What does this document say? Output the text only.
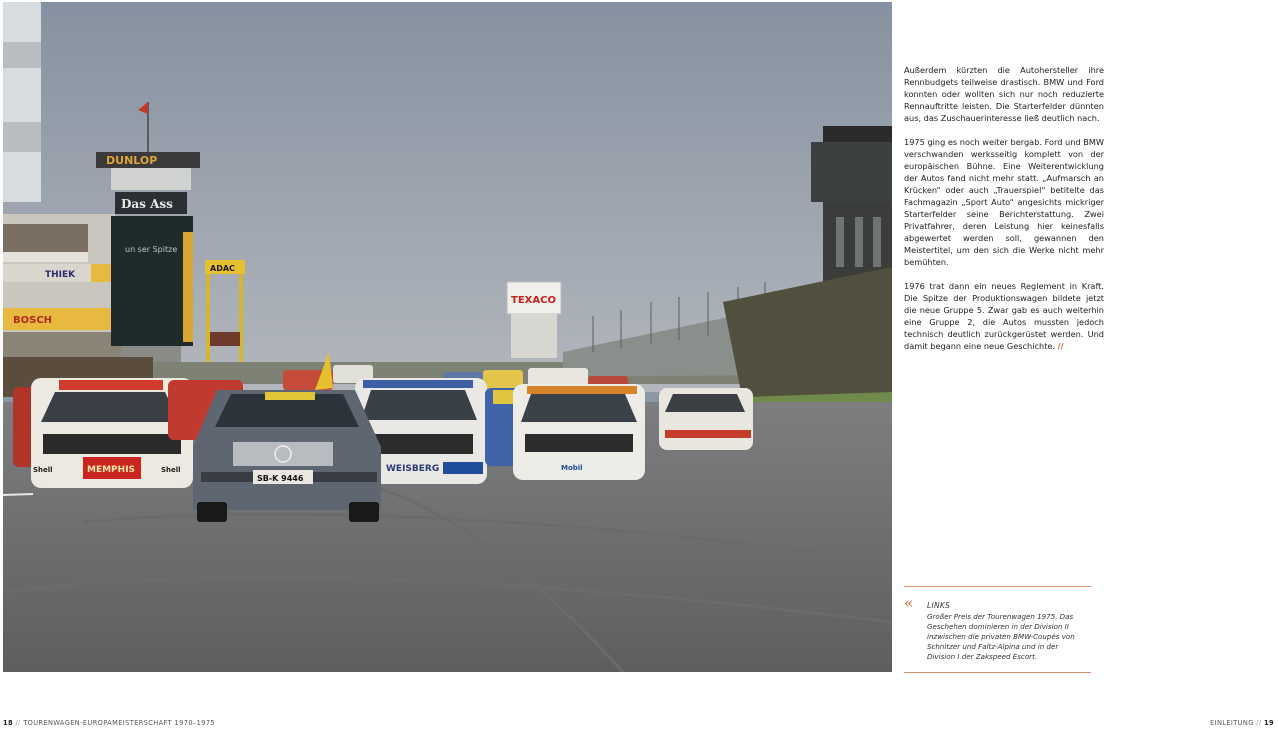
THIEK
BOSCH
DUNLOP
Das Ass
un ser Spitze
ADAC
TEXACO
MEMPHIS
Shell	Shell	WEISBERG
SB-K 9446
Mobil

Außerdem kürzten die Autohersteller ihre Rennbudgets teilweise drastisch. BMW und Ford konnten oder wollten sich nur noch reduzierte Rennauftritte leisten. Die Starterfelder dünnten aus, das Zuschauerinteresse ließ deutlich nach.

1975 ging es noch weiter bergab. Ford und BMW verschwanden werksseitig komplett von der europäischen Bühne. Eine Weiterentwicklung der Autos fand nicht mehr statt. „Aufmarsch an Krücken“ oder auch „Trauerspiel“ betitelte das Fachmagazin „Sport Auto“ angesichts mickriger Starterfelder seine Berichterstattung. Zwei Privatfahrer, deren Leistung hier keinesfalls abgewertet werden soll, gewannen den Meistertitel, um den sich die Werke nicht mehr bemühten.

1976 trat dann ein neues Reglement in Kraft. Die Spitze der Produktionswagen bildete jetzt die neue Gruppe 5. Zwar gab es auch weiterhin eine Gruppe 2, die Autos mussten jedoch technisch deutlich zurückgerüstet werden. Und damit begann eine neue Geschichte. //

« LINKS
Großer Preis der Tourenwagen 1975. Das Geschehen dominieren in der Division II inzwischen die privaten BMW-Coupés von Schnitzer und Faltz-Alpina und in der Division I der Zakspeed Escort.
18 // TOURENWAGEN-EUROPAMEISTERSCHAFT 1970–1975	EINLEITUNG // 19
